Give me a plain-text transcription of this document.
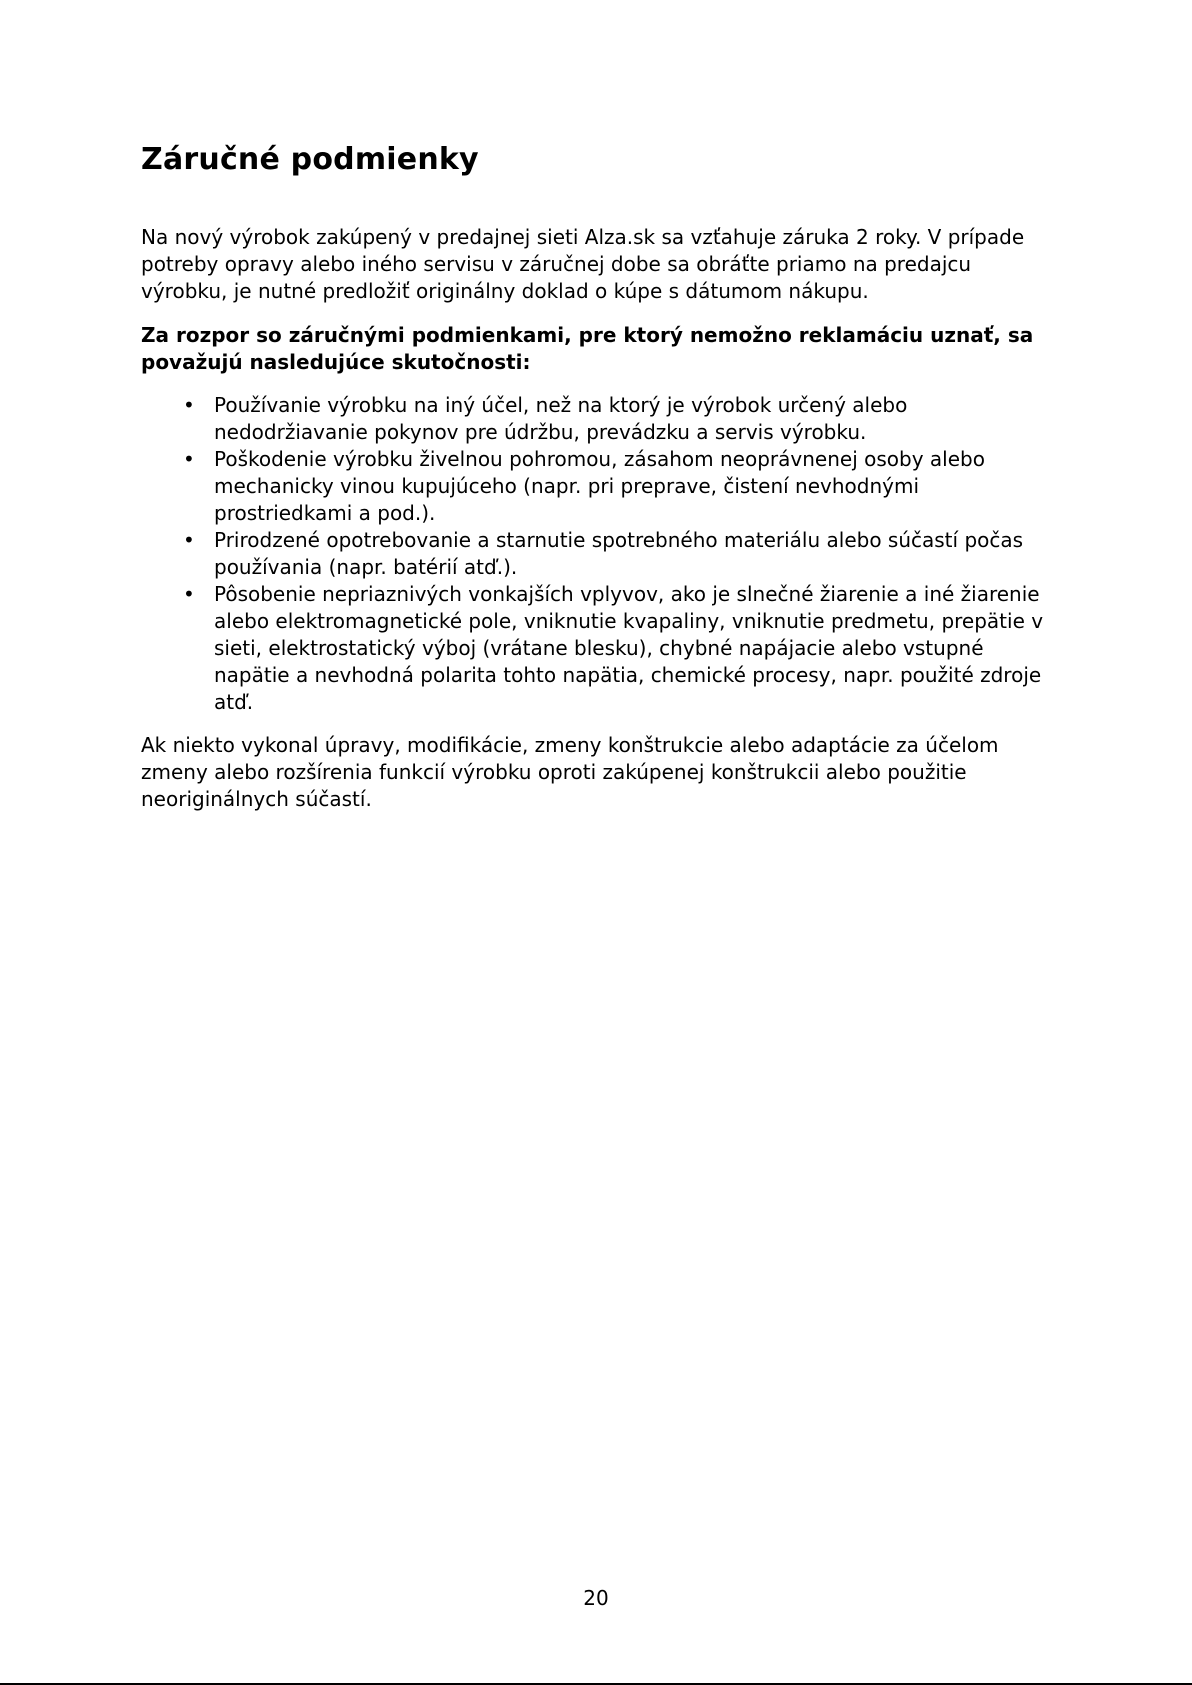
Záručné podmienky

Na nový výrobok zakúpený v predajnej sieti Alza.sk sa vzťahuje záruka 2 roky. V prípade potreby opravy alebo iného servisu v záručnej dobe sa obráťte priamo na predajcu výrobku, je nutné predložiť originálny doklad o kúpe s dátumom nákupu.

Za rozpor so záručnými podmienkami, pre ktorý nemožno reklamáciu uznať, sa považujú nasledujúce skutočnosti:

• Používanie výrobku na iný účel, než na ktorý je výrobok určený alebo nedodržiavanie pokynov pre údržbu, prevádzku a servis výrobku.
• Poškodenie výrobku živelnou pohromou, zásahom neoprávnenej osoby alebo mechanicky vinou kupujúceho (napr. pri preprave, čistení nevhodnými prostriedkami a pod.).
• Prirodzené opotrebovanie a starnutie spotrebného materiálu alebo súčastí počas používania (napr. batérií atď.).
• Pôsobenie nepriaznivých vonkajších vplyvov, ako je slnečné žiarenie a iné žiarenie alebo elektromagnetické pole, vniknutie kvapaliny, vniknutie predmetu, prepätie v sieti, elektrostatický výboj (vrátane blesku), chybné napájacie alebo vstupné napätie a nevhodná polarita tohto napätia, chemické procesy, napr. použité zdroje atď.

Ak niekto vykonal úpravy, modifikácie, zmeny konštrukcie alebo adaptácie za účelom zmeny alebo rozšírenia funkcií výrobku oproti zakúpenej konštrukcii alebo použitie neoriginálnych súčastí.

20
